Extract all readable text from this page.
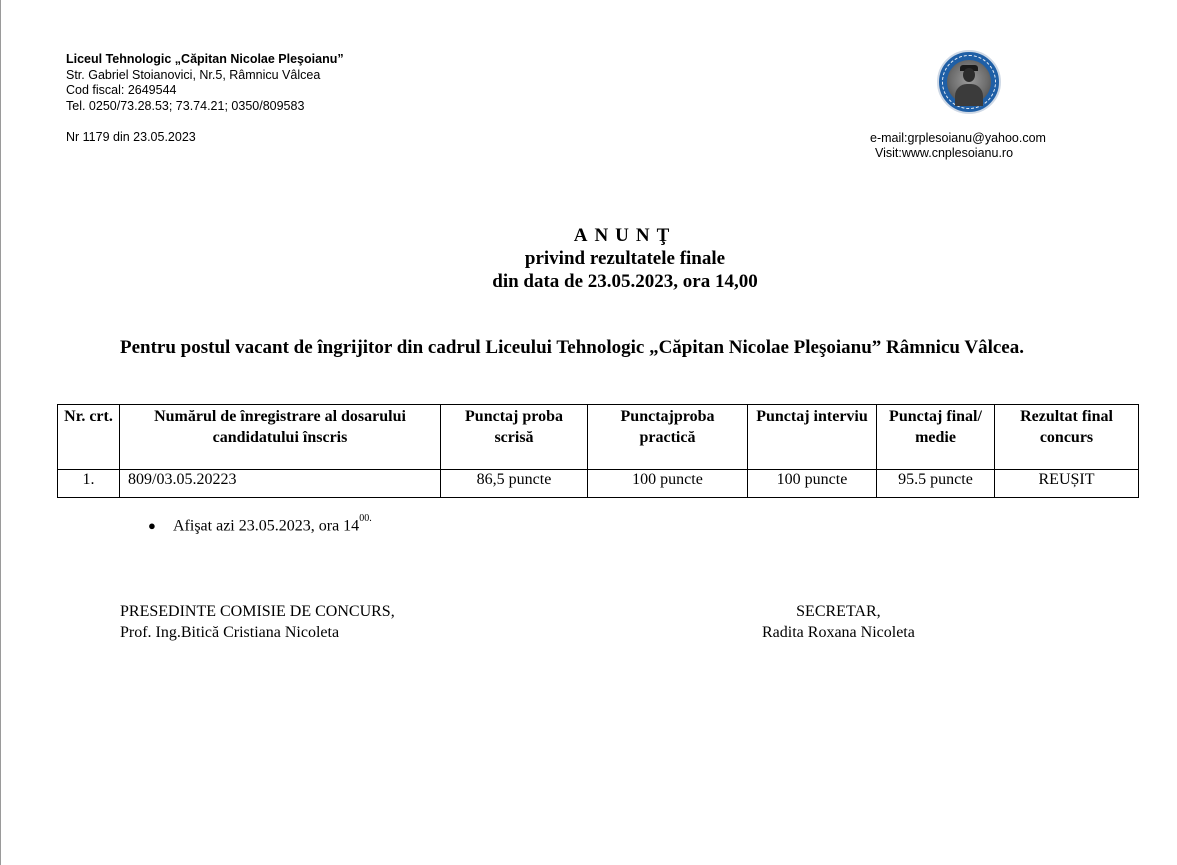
Liceul Tehnologic „Căpitan Nicolae Pleşoianu”
Str. Gabriel Stoianovici, Nr.5, Râmnicu Vâlcea
Cod fiscal: 2649544
Tel. 0250/73.28.53; 73.74.21; 0350/809583
Nr 1179 din 23.05.2023	e-mail:grplesoianu@yahoo.com
Visit:www.cnplesoianu.ro
ANUNŢ
privind rezultatele finale
din data de 23.05.2023, ora 14,00
Pentru postul vacant de îngrijitor din cadrul Liceului Tehnologic „Căpitan Nicolae Pleşoianu” Râmnicu Vâlcea.
Nr. crt.	Numărul de înregistrare al dosarului candidatului înscris	Punctaj proba scrisă	Punctajproba practică	Punctaj interviu	Punctaj final/ medie	Rezultat final concurs
1.	809/03.05.20223	86,5 puncte	100 puncte	100 puncte	95.5 puncte	REUȘIT
● Afişat azi 23.05.2023, ora $14^{00.}$
PRESEDINTE COMISIE DE CONCURS,
Prof. Ing.Bitică Cristiana Nicoleta
SECRETAR,
Radita Roxana Nicoleta
